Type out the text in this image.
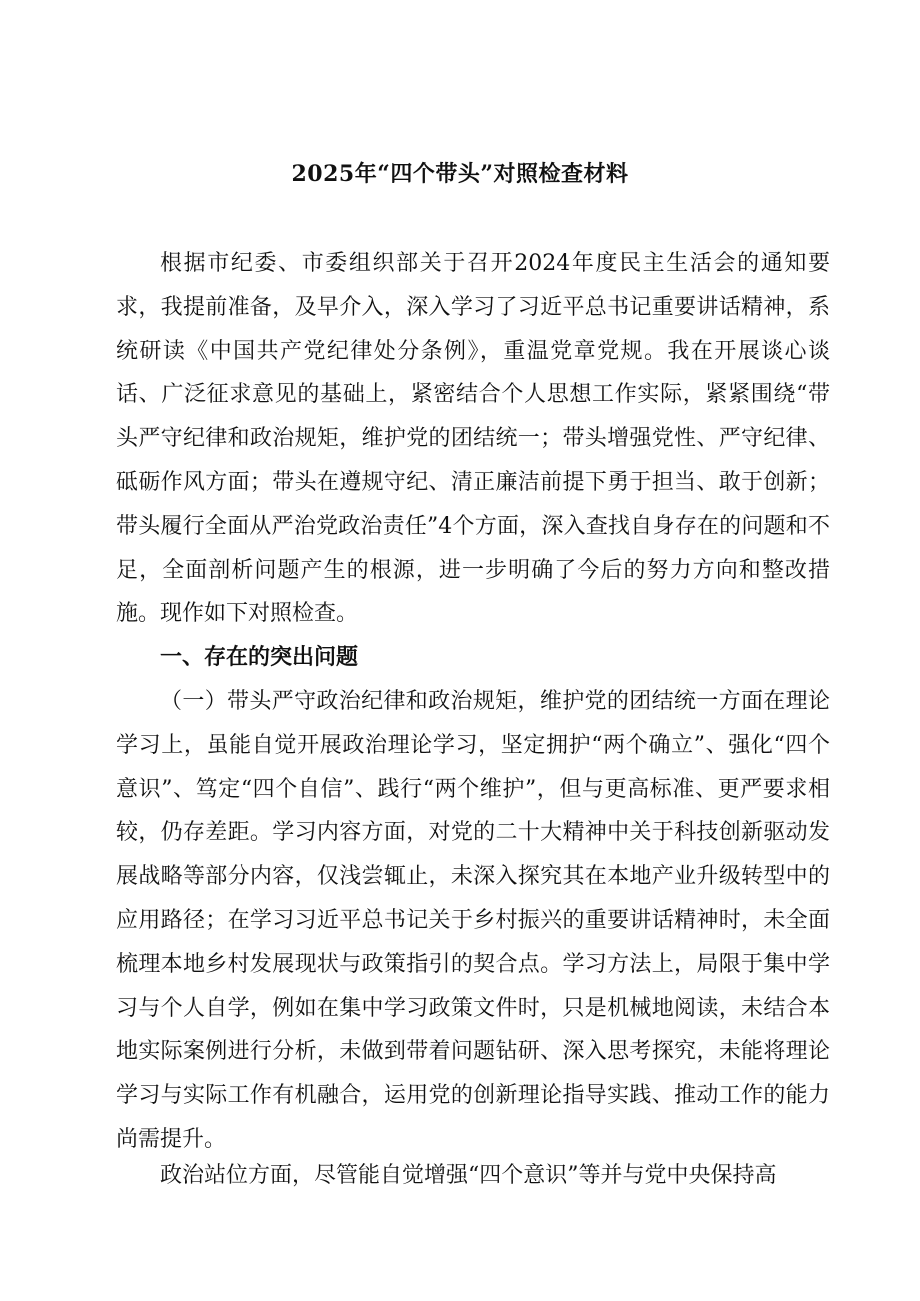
2025年“四个带头”对照检查材料

根据市纪委、市委组织部关于召开2024年度民主生活会的通知要求，我提前准备，及早介入，深入学习了习近平总书记重要讲话精神，系统研读《中国共产党纪律处分条例》，重温党章党规。我在开展谈心谈话、广泛征求意见的基础上，紧密结合个人思想工作实际，紧紧围绕“带头严守纪律和政治规矩，维护党的团结统一；带头增强党性、严守纪律、砥砺作风方面；带头在遵规守纪、清正廉洁前提下勇于担当、敢于创新；带头履行全面从严治党政治责任”4个方面，深入查找自身存在的问题和不足，全面剖析问题产生的根源，进一步明确了今后的努力方向和整改措施。现作如下对照检查。

一、存在的突出问题

（一）带头严守政治纪律和政治规矩，维护党的团结统一方面在理论学习上，虽能自觉开展政治理论学习，坚定拥护“两个确立”、强化“四个意识”、笃定“四个自信”、践行“两个维护”，但与更高标准、更严要求相较，仍存差距。学习内容方面，对党的二十大精神中关于科技创新驱动发展战略等部分内容，仅浅尝辄止，未深入探究其在本地产业升级转型中的应用路径；在学习习近平总书记关于乡村振兴的重要讲话精神时，未全面梳理本地乡村发展现状与政策指引的契合点。学习方法上，局限于集中学习与个人自学，例如在集中学习政策文件时，只是机械地阅读，未结合本地实际案例进行分析，未做到带着问题钻研、深入思考探究，未能将理论学习与实际工作有机融合，运用党的创新理论指导实践、推动工作的能力尚需提升。

政治站位方面，尽管能自觉增强“四个意识”等并与党中央保持高
